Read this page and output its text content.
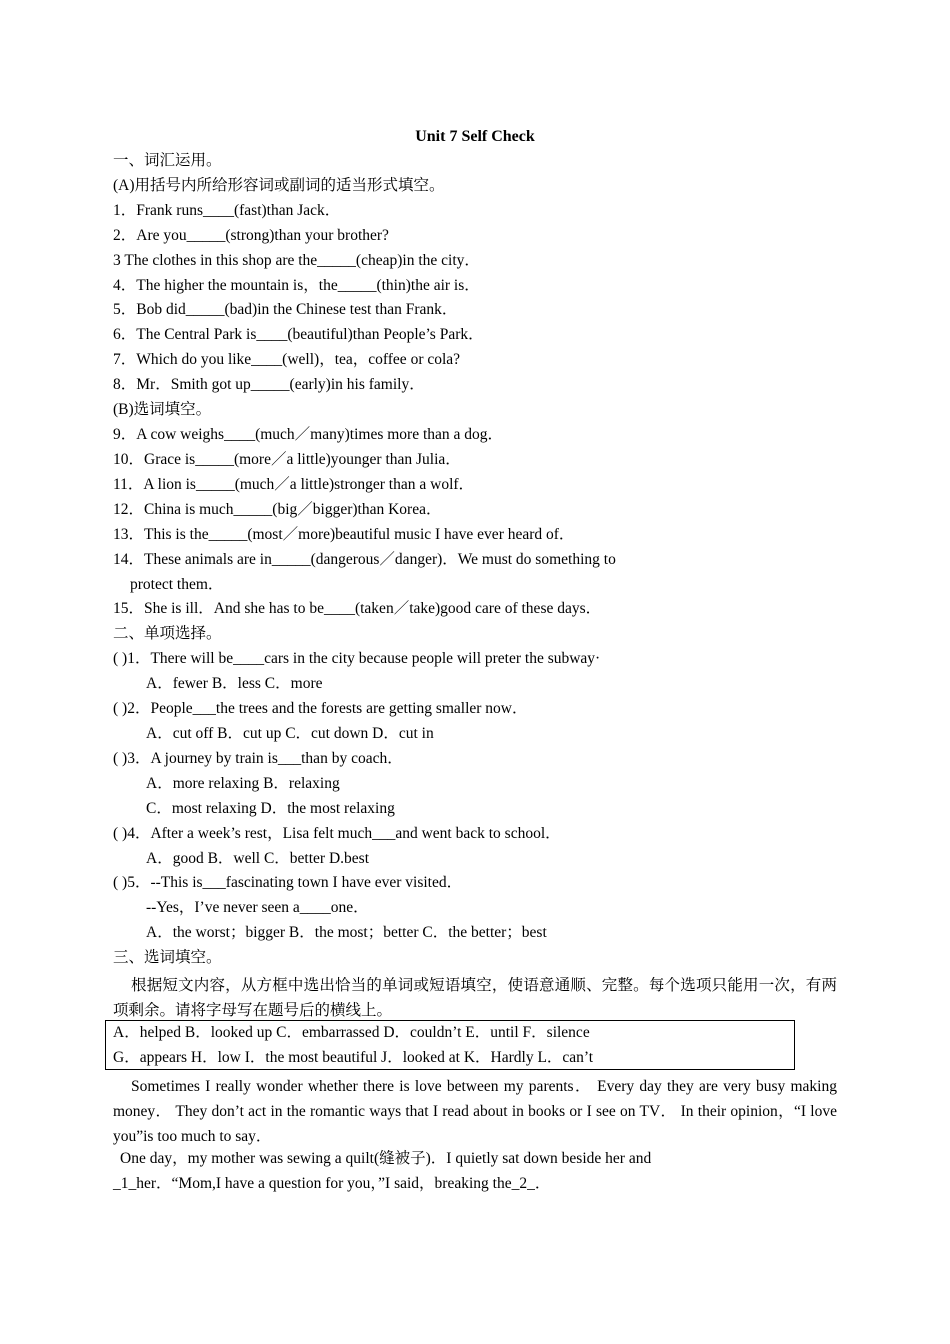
Unit 7 Self Check
一、词汇运用。
(A)用括号内所给形容词或副词的适当形式填空。
1．Frank runs____(fast)than Jack．
2．Are you_____(strong)than your brother?
3 The clothes in this shop are the_____(cheap)in the city．
4．The higher the mountain is，the_____(thin)the air is．
5．Bob did_____(bad)in the Chinese test than Frank．
6．The Central Park is____(beautiful)than People’s Park．
7．Which do you like____(well)，tea，coffee or cola?
8．Mr．Smith got up_____(early)in his family．
(B)选词填空。
9．A cow weighs____(much／many)times more than a dog．
10．Grace is_____(more／a little)younger than Julia．
11．A lion is_____(much／a little)stronger than a wolf．
12．China is much_____(big／bigger)than Korea．
13．This is the_____(most／more)beautiful music I have ever heard of．
14．These animals are in_____(dangerous／danger)．We must do something to
protect them．
15．She is ill．And she has to be____(taken／take)good care of these days．
二、单项选择。
( )1．There will be____cars in the city because people will preter the subway·
A．fewer B．less C．more
( )2．People___the trees and the forests are getting smaller now．
A．cut off B．cut up C．cut down D．cut in
( )3．A journey by train is___than by coach．
A．more relaxing B．relaxing
C．most relaxing D．the most relaxing
( )4．After a week’s rest，Lisa felt much___and went back to school．
A．good B．well C．better D.best
( )5．--This is___fascinating town I have ever visited．
--Yes，I’ve never seen a____one．
A．the worst；bigger B．the most；better C．the better；best
三、选词填空。
根据短文内容，从方框中选出恰当的单词或短语填空，使语意通顺、完整。每个选项只能用一次，有两项剩余。请将字母写在题号后的横线上。
A．helped B．looked up C．embarrassed D．couldn’t E．until F．silence
G．appears H．low I．the most beautiful J．looked at K．Hardly L．can’t
Sometimes I really wonder whether there is love between my parents． Every day they are very busy making money． They don’t act in the romantic ways that I read about in books or I see on TV． In their opinion，“I love you”is too much to say．
One day，my mother was sewing a quilt(缝被子)．I quietly sat down beside her and
_1_her．“Mom,I have a question for you，”I said，breaking the_2_．
